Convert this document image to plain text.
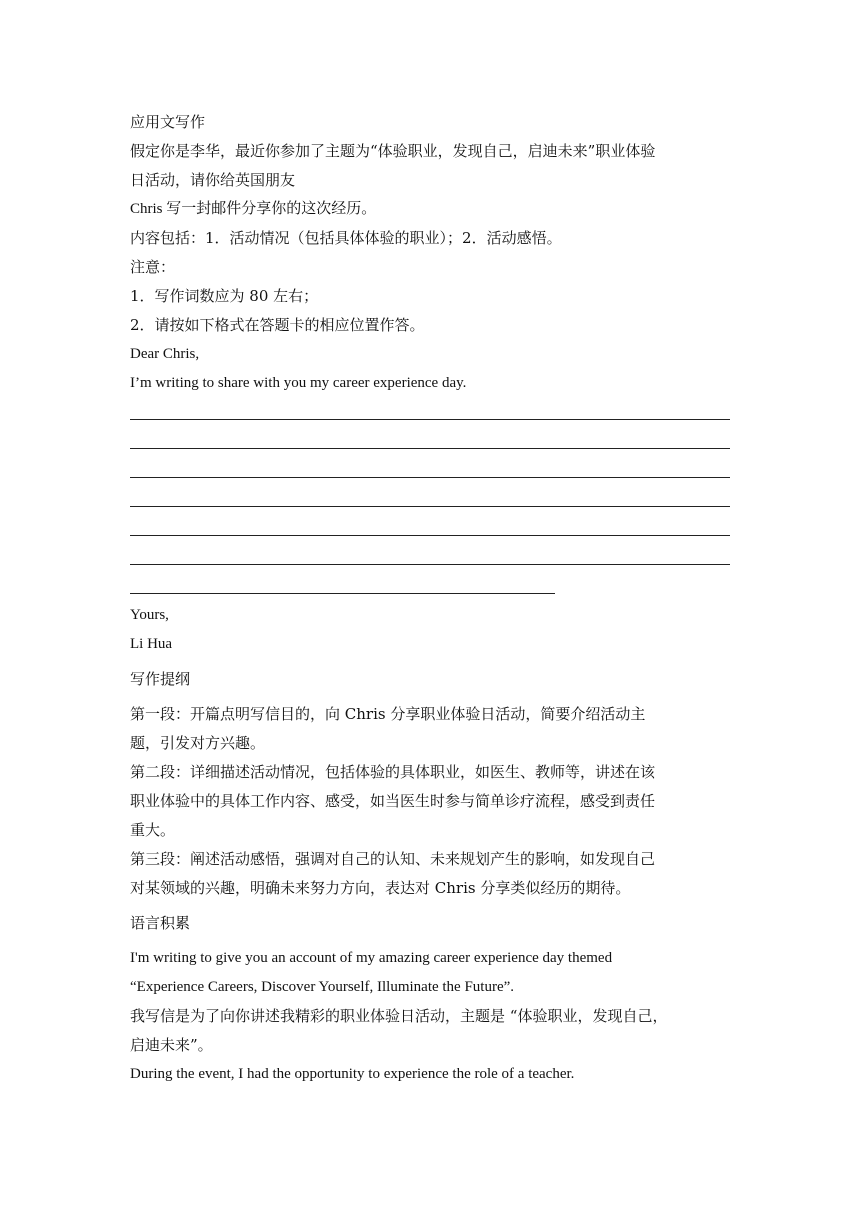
应用文写作
假定你是李华，最近你参加了主题为“体验职业，发现自己，启迪未来”职业体验
日活动，请你给英国朋友
Chris 写一封邮件分享你的这次经历。
内容包括：1．活动情况（包括具体体验的职业）；2．活动感悟。
注意：
1．写作词数应为 80 左右；
2．请按如下格式在答题卡的相应位置作答。
Dear Chris,
I’m writing to share with you my career experience day.
Yours,
Li Hua
写作提纲
第一段：开篇点明写信目的，向 Chris 分享职业体验日活动，简要介绍活动主
题，引发对方兴趣。
第二段：详细描述活动情况，包括体验的具体职业，如医生、教师等，讲述在该
职业体验中的具体工作内容、感受，如当医生时参与简单诊疗流程，感受到责任
重大。
第三段：阐述活动感悟，强调对自己的认知、未来规划产生的影响，如发现自己
对某领域的兴趣，明确未来努力方向，表达对 Chris 分享类似经历的期待。
语言积累
I'm writing to give you an account of my amazing career experience day themed
“Experience Careers, Discover Yourself, Illuminate the Future”.
我写信是为了向你讲述我精彩的职业体验日活动，主题是 “体验职业，发现自己，
启迪未来”。
During the event, I had the opportunity to experience the role of a teacher.
